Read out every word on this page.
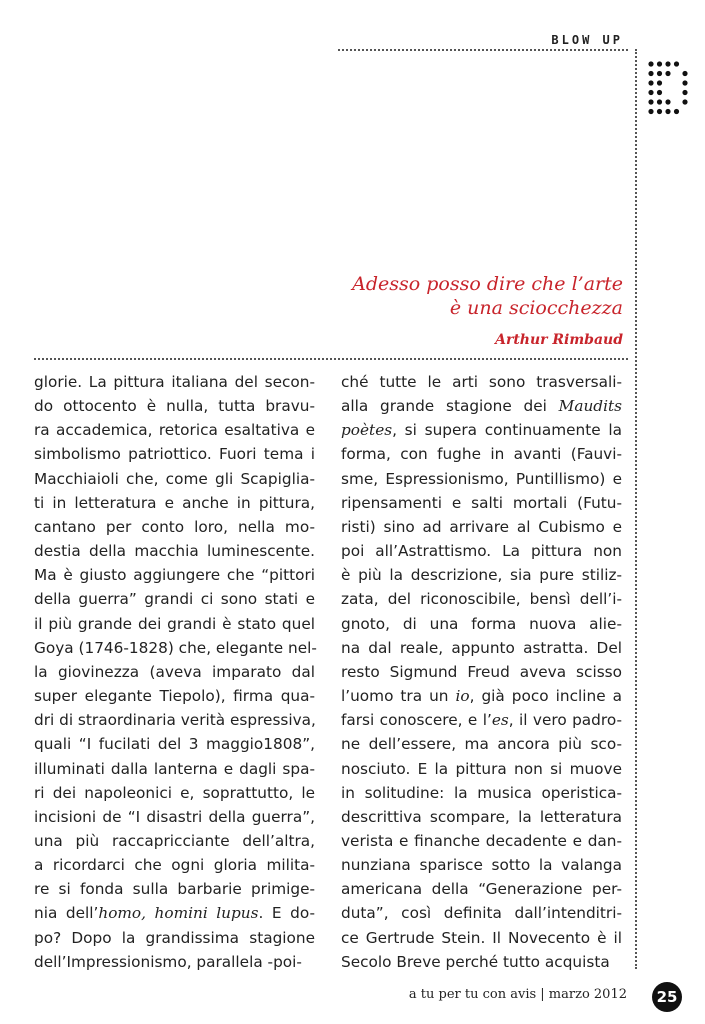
BLOW UP
Adesso posso dire che l’arte
è una sciocchezza
Arthur Rimbaud
glorie. La pittura italiana del secon-
do ottocento è nulla, tutta bravu-
ra accademica, retorica esaltativa e
simbolismo patriottico. Fuori tema i
Macchiaioli che, come gli Scapiglia-
ti in letteratura e anche in pittura,
cantano per conto loro, nella mo-
destia della macchia luminescente.
Ma è giusto aggiungere che “pittori
della guerra” grandi ci sono stati e
il più grande dei grandi è stato quel
Goya (1746-1828) che, elegante nel-
la giovinezza (aveva imparato dal
super elegante Tiepolo), firma qua-
dri di straordinaria verità espressiva,
quali “I fucilati del 3 maggio1808”,
illuminati dalla lanterna e dagli spa-
ri dei napoleonici e, soprattutto, le
incisioni de “I disastri della guerra”,
una più raccapricciante dell’altra,
a ricordarci che ogni gloria milita-
re si fonda sulla barbarie primige-
nia dell’homo, homini lupus. E do-
po? Dopo la grandissima stagione
dell’Impressionismo, parallela -poi-
ché tutte le arti sono trasversali-
alla grande stagione dei Maudits
poètes, si supera continuamente la
forma, con fughe in avanti (Fauvi-
sme, Espressionismo, Puntillismo) e
ripensamenti e salti mortali (Futu-
risti) sino ad arrivare al Cubismo e
poi all’Astrattismo. La pittura non
è più la descrizione, sia pure stiliz-
zata, del riconoscibile, bensì dell’i-
gnoto, di una forma nuova alie-
na dal reale, appunto astratta. Del
resto Sigmund Freud aveva scisso
l’uomo tra un io, già poco incline a
farsi conoscere, e l’es, il vero padro-
ne dell’essere, ma ancora più sco-
nosciuto. E la pittura non si muove
in solitudine: la musica operistica-
descrittiva scompare, la letteratura
verista e finanche decadente e dan-
nunziana sparisce sotto la valanga
americana della “Generazione per-
duta”, così definita dall’intenditri-
ce Gertrude Stein. Il Novecento è il
Secolo Breve perché tutto acquista
a tu per tu con avis | marzo 2012	25
